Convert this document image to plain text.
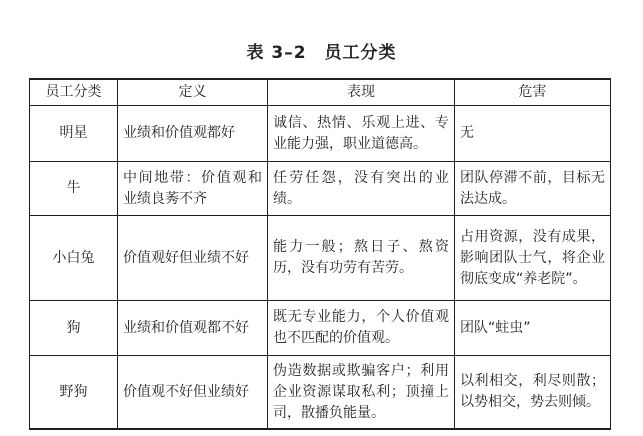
表 3–2　员工分类
员工分类	定义	表现	危害
明星	业绩和价值观都好	诚信、热情、乐观上进、专业能力强，职业道德高。	无
牛	中间地带：价值观和业绩良莠不齐	任劳任怨，没有突出的业绩。	团队停滞不前，目标无法达成。
小白兔	价值观好但业绩不好	能力一般；熬日子、熬资历，没有功劳有苦劳。	占用资源，没有成果，影响团队士气，将企业彻底变成“养老院”。
狗	业绩和价值观都不好	既无专业能力，个人价值观也不匹配的价值观。	团队“蛀虫”
野狗	价值观不好但业绩好	伪造数据或欺骗客户；利用企业资源谋取私利；顶撞上司，散播负能量。	以利相交，利尽则散；以势相交，势去则倾。
